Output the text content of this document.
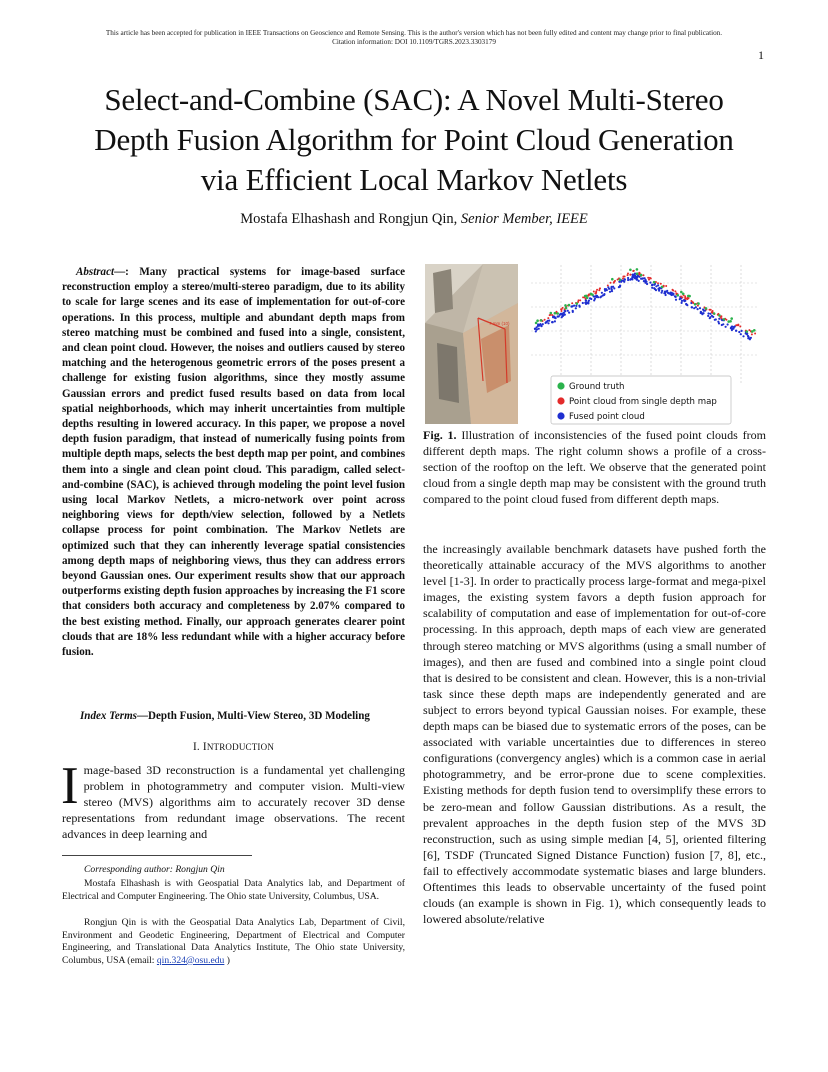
This article has been accepted for publication in IEEE Transactions on Geoscience and Remote Sensing. This is the author's version which has not been fully edited and content may change prior to final publication.
Citation information: DOI 10.1109/TGRS.2023.3303179
1
Select-and-Combine (SAC): A Novel Multi-Stereo
Depth Fusion Algorithm for Point Cloud Generation
via Efficient Local Markov Netlets
Mostafa Elhashash and Rongjun Qin, Senior Member, IEEE
Abstract—: Many practical systems for image-based surface reconstruction employ a stereo/multi-stereo paradigm, due to its ability to scale for large scenes and its ease of implementation for out-of-core operations. In this process, multiple and abundant depth maps from stereo matching must be combined and fused into a single, consistent, and clean point cloud. However, the noises and outliers caused by stereo matching and the heterogenous geometric errors of the poses present a challenge for existing fusion algorithms, since they mostly assume Gaussian errors and predict fused results based on data from local spatial neighborhoods, which may inherit uncertainties from multiple depths resulting in lowered accuracy. In this paper, we propose a novel depth fusion paradigm, that instead of numerically fusing points from multiple depth maps, selects the best depth map per point, and combines them into a single and clean point cloud. This paradigm, called select-and-combine (SAC), is achieved through modeling the point level fusion using local Markov Netlets, a micro-network over point across neighboring views for depth/view selection, followed by a Netlets collapse process for point combination. The Markov Netlets are optimized such that they can inherently leverage spatial consistencies among depth maps of neighboring views, thus they can address errors beyond Gaussian ones. Our experiment results show that our approach outperforms existing depth fusion approaches by increasing the F1 score that considers both accuracy and completeness by 2.07% compared to the best existing method. Finally, our approach generates clearer point clouds that are 18% less redundant while with a higher accuracy before fusion.
Index Terms—Depth Fusion, Multi-View Stereo, 3D Modeling
I. INTRODUCTION
Image-based 3D reconstruction is a fundamental yet challenging problem in photogrammetry and computer vision. Multi-view stereo (MVS) algorithms aim to accurately recover 3D dense representations from redundant image observations. The recent advances in deep learning and
Corresponding author: Rongjun Qin
Mostafa Elhashash is with Geospatial Data Analytics lab, and Department of Electrical and Computer Engineering. The Ohio state University, Columbus, USA.
Rongjun Qin is with the Geospatial Data Analytics Lab, Department of Civil, Environment and Geodetic Engineering, Department of Electrical and Computer Engineering, and Translational Data Analytics Institute, The Ohio state University, Columbus, USA (email: qin.324@osu.edu )
7 mm (10)
Ground truth
Point cloud from single depth map
Fused point cloud
Fig. 1. Illustration of inconsistencies of the fused point clouds from different depth maps. The right column shows a profile of a cross-section of the rooftop on the left. We observe that the generated point cloud from a single depth map may be consistent with the ground truth compared to the point cloud fused from different depth maps.
the increasingly available benchmark datasets have pushed forth the theoretically attainable accuracy of the MVS algorithms to another level [1-3]. In order to practically process large-format and mega-pixel images, the existing system favors a depth fusion approach for scalability of computation and ease of implementation for out-of-core processing. In this approach, depth maps of each view are generated through stereo matching or MVS algorithms (using a small number of images), and then are fused and combined into a single point cloud that is desired to be consistent and clean. However, this is a non-trivial task since these depth maps are independently generated and are subject to errors beyond typical Gaussian noises. For example, these depth maps can be biased due to systematic errors of the poses, can be associated with variable uncertainties due to differences in stereo configurations (convergency angles) which is a common case in aerial photogrammetry, and be error-prone due to scene complexities. Existing methods for depth fusion tend to oversimplify these errors to be zero-mean and follow Gaussian distributions. As a result, the prevalent approaches in the depth fusion step of the MVS 3D reconstruction, such as using simple median [4, 5], oriented filtering [6], TSDF (Truncated Signed Distance Function) fusion [7, 8], etc., fail to effectively accommodate systematic biases and large blunders. Oftentimes this leads to observable uncertainty of the fused point clouds (an example is shown in Fig. 1), which consequently leads to lowered absolute/relative
